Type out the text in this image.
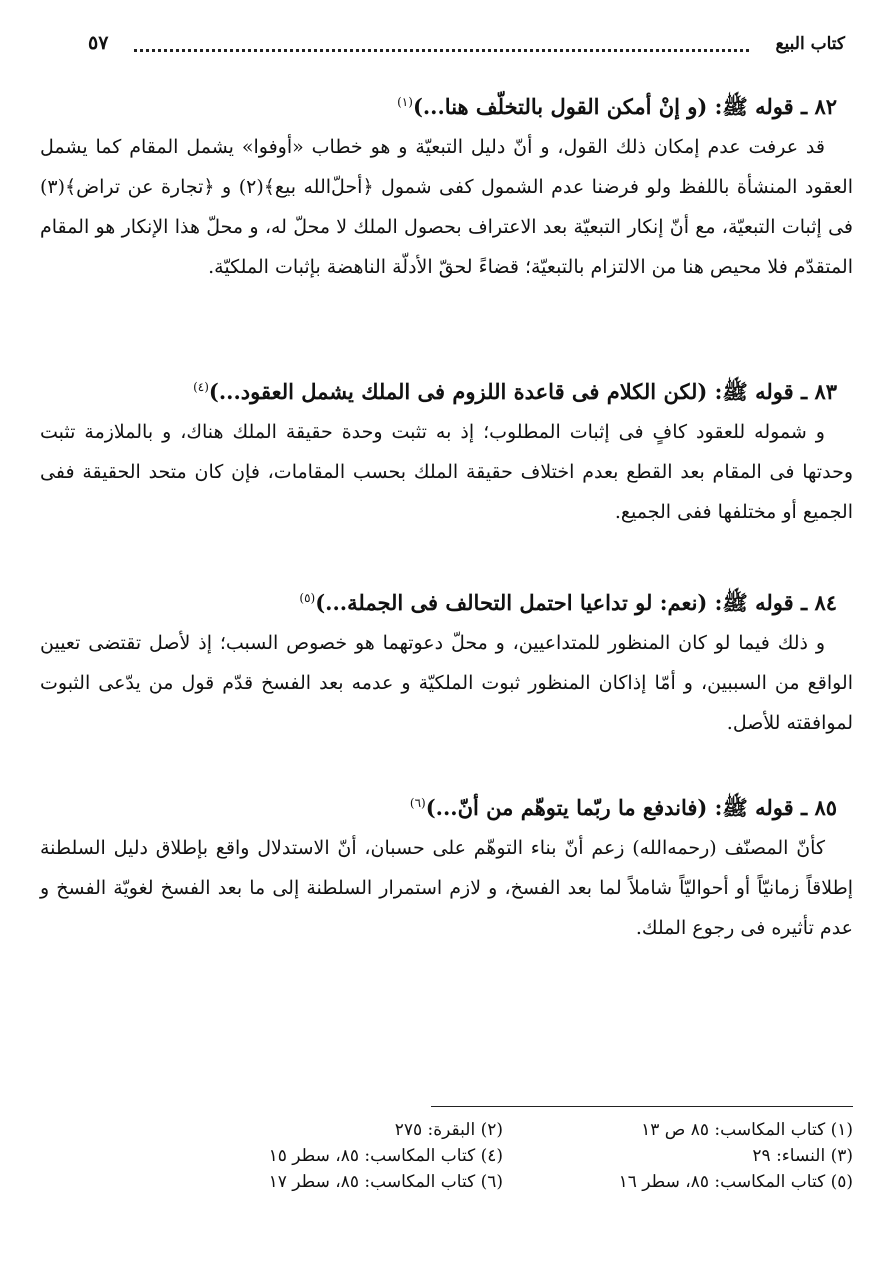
كتاب البيع
٥٧

٨٢ ـ قوله ﷺ: (و إنْ أمكن القول بالتخلّف هنا...)$^{(١)}$

قد عرفت عدم إمكان ذلك القول، و أنّ دليل التبعيّة و هو خطاب «أوفوا» يشمل المقام كما يشمل العقود المنشأة باللفظ ولو فرضنا عدم الشمول كفى شمول ﴿أحلّ‌الله بيع﴾(٢) و ﴿تجارة عن تراض﴾(٣) فى إثبات التبعيّة، مع أنّ إنكار التبعيّة بعد الاعتراف بحصول الملك لا محلّ له، و محلّ هذا الإنكار هو المقام المتقدّم فلا محيص هنا من الالتزام بالتبعيّة؛ قضاءً لحقّ الأدلّة الناهضة بإثبات الملكيّة.

٨٣ ـ قوله ﷺ: (لكن الكلام فى قاعدة اللزوم فى الملك يشمل العقود...)$^{(٤)}$

و شموله للعقود كافٍ فى إثبات المطلوب؛ إذ به تثبت وحدة حقيقة الملك هناك، و بالملازمة تثبت وحدتها فى المقام بعد القطع بعدم اختلاف حقيقة الملك بحسب المقامات، فإن كان متحد الحقيقة ففى الجميع أو مختلفها ففى الجميع.

٨٤ ـ قوله ﷺ: (نعم: لو تداعيا احتمل التحالف فى الجملة...)$^{(٥)}$

و ذلك فيما لو كان المنظور للمتداعيين، و محلّ دعوتهما هو خصوص السبب؛ إذ لأصل تقتضى تعيين الواقع من السببين، و أمّا إذاكان المنظور ثبوت الملكيّة و عدمه بعد الفسخ قدّم قول من يدّعى الثبوت لموافقته للأصل.

٨٥ ـ قوله ﷺ: (فاندفع ما ربّما يتوهّم من أنّ...)$^{(٦)}$

كأنّ المصنّف (رحمه‌الله) زعم أنّ بناء التوهّم على حسبان، أنّ الاستدلال واقع بإطلاق دليل السلطنة إطلاقاً زمانيّاً أو أحواليّاً شاملاً لما بعد الفسخ، و لازم استمرار السلطنة إلى ما بعد الفسخ لغويّة الفسخ و عدم تأثيره فى رجوع الملك.

(١) كتاب المكاسب: ٨٥ ص ١٣
(٢) البقرة: ٢٧٥
(٣) النساء: ٢٩
(٤) كتاب المكاسب: ٨٥، سطر ١٥
(٥) كتاب المكاسب: ٨٥، سطر ١٦
(٦) كتاب المكاسب: ٨٥، سطر ١٧
